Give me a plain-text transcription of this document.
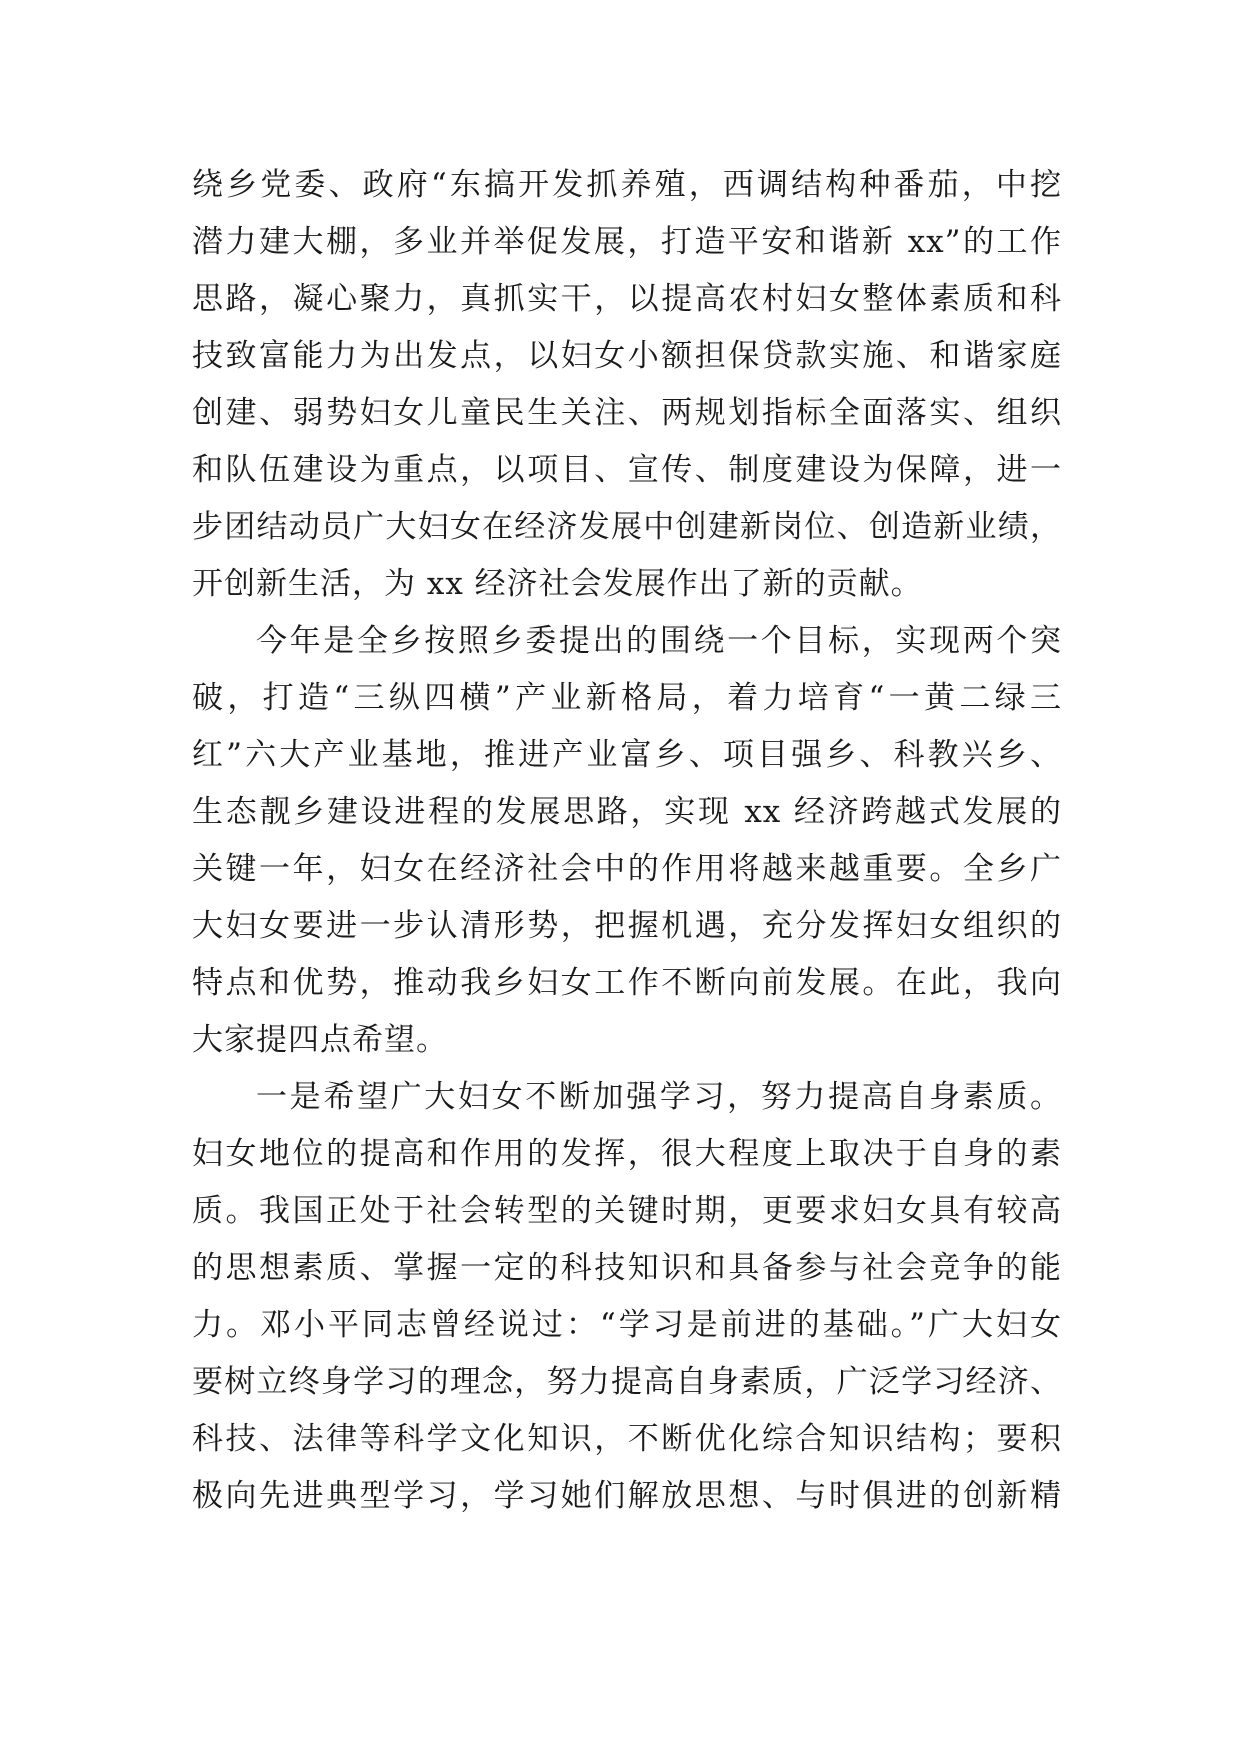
绕乡党委、政府“东搞开发抓养殖，西调结构种番茄，中挖
潜力建大棚，多业并举促发展，打造平安和谐新 xx”的工作
思路，凝心聚力，真抓实干，以提高农村妇女整体素质和科
技致富能力为出发点，以妇女小额担保贷款实施、和谐家庭
创建、弱势妇女儿童民生关注、两规划指标全面落实、组织
和队伍建设为重点，以项目、宣传、制度建设为保障，进一
步团结动员广大妇女在经济发展中创建新岗位、创造新业绩，
开创新生活，为 xx 经济社会发展作出了新的贡献。
今年是全乡按照乡委提出的围绕一个目标，实现两个突
破，打造“三纵四横”产业新格局，着力培育“一黄二绿三
红”六大产业基地，推进产业富乡、项目强乡、科教兴乡、
生态靓乡建设进程的发展思路，实现 xx 经济跨越式发展的
关键一年，妇女在经济社会中的作用将越来越重要。全乡广
大妇女要进一步认清形势，把握机遇，充分发挥妇女组织的
特点和优势，推动我乡妇女工作不断向前发展。在此，我向
大家提四点希望。
一是希望广大妇女不断加强学习，努力提高自身素质。
妇女地位的提高和作用的发挥，很大程度上取决于自身的素
质。我国正处于社会转型的关键时期，更要求妇女具有较高
的思想素质、掌握一定的科技知识和具备参与社会竞争的能
力。邓小平同志曾经说过：“学习是前进的基础。”广大妇女
要树立终身学习的理念，努力提高自身素质，广泛学习经济、
科技、法律等科学文化知识，不断优化综合知识结构；要积
极向先进典型学习，学习她们解放思想、与时俱进的创新精
